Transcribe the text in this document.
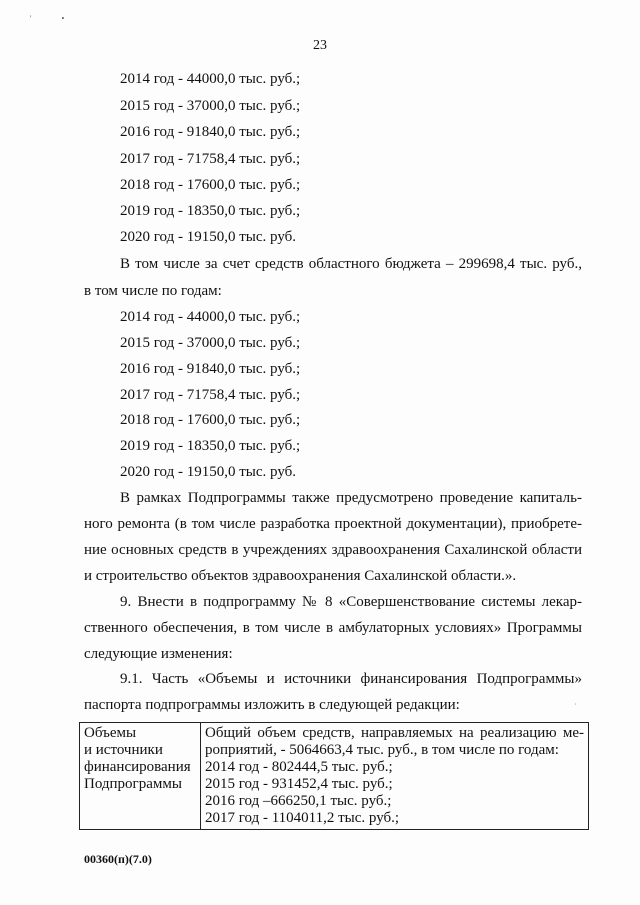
'	•
23
2014 год - 44000,0 тыс. руб.;
2015 год - 37000,0 тыс. руб.;
2016 год - 91840,0 тыс. руб.;
2017 год - 71758,4 тыс. руб.;
2018 год - 17600,0 тыс. руб.;
2019 год - 18350,0 тыс. руб.;
2020 год - 19150,0 тыс. руб.
В том числе за счет средств областного бюджета – 299698,4 тыс. руб.,
в том числе по годам:
2014 год - 44000,0 тыс. руб.;
2015 год - 37000,0 тыс. руб.;
2016 год - 91840,0 тыс. руб.;
2017 год - 71758,4 тыс. руб.;
2018 год - 17600,0 тыс. руб.;
2019 год - 18350,0 тыс. руб.;
2020 год - 19150,0 тыс. руб.
В рамках Подпрограммы также предусмотрено проведение капиталь-
ного ремонта (в том числе разработка проектной документации), приобрете-
ние основных средств в учреждениях здравоохранения Сахалинской области
и строительство объектов здравоохранения Сахалинской области.».
9. Внести в подпрограмму № 8 «Совершенствование системы лекар-
ственного обеспечения, в том числе в амбулаторных условиях» Программы
следующие изменения:
9.1. Часть «Объемы и источники финансирования Подпрограммы»
паспорта подпрограммы изложить в следующей редакции:	·
Объемы
и источники
финансирования
Подпрограммы

Общий объем средств, направляемых на реализацию ме-
роприятий, - 5064663,4 тыс. руб., в том числе по годам:
2014 год - 802444,5 тыс. руб.;
2015 год - 931452,4 тыс. руб.;
2016 год –666250,1 тыс. руб.;
2017 год - 1104011,2 тыс. руб.;
00360(п)(7.0)
